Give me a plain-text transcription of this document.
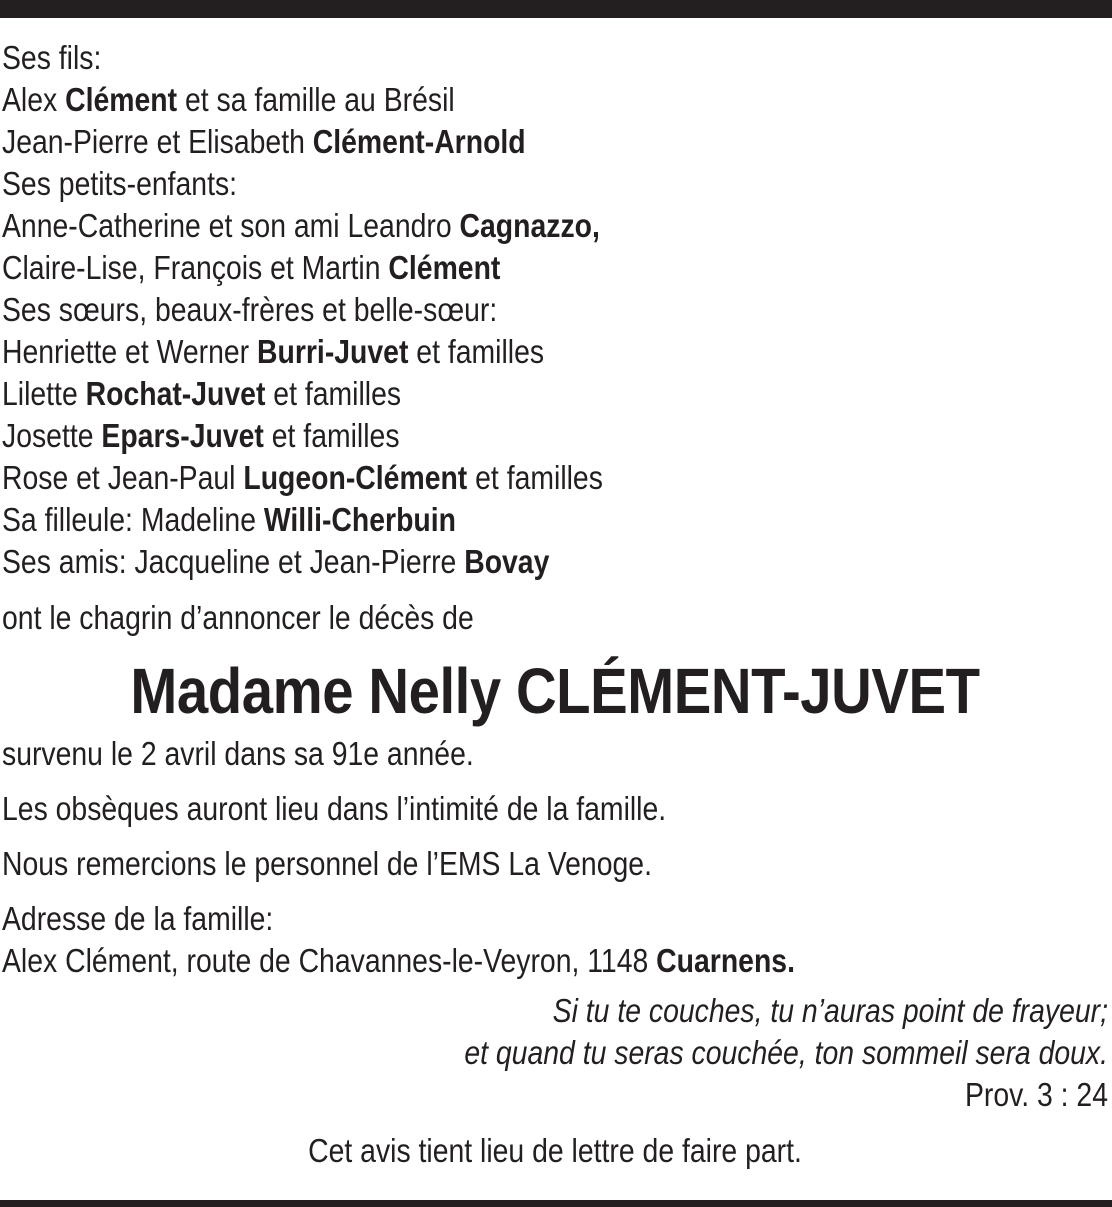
Ses fils:
Alex Clément et sa famille au Brésil
Jean-Pierre et Elisabeth Clément-Arnold
Ses petits-enfants:
Anne-Catherine et son ami Leandro Cagnazzo,
Claire-Lise, François et Martin Clément
Ses sœurs, beaux-frères et belle-sœur:
Henriette et Werner Burri-Juvet et familles
Lilette Rochat-Juvet et familles
Josette Epars-Juvet et familles
Rose et Jean-Paul Lugeon-Clément et familles
Sa filleule: Madeline Willi-Cherbuin
Ses amis: Jacqueline et Jean-Pierre Bovay
ont le chagrin d’annoncer le décès de
Madame Nelly CLÉMENT-JUVET
survenu le 2 avril dans sa 91e année.
Les obsèques auront lieu dans l’intimité de la famille.
Nous remercions le personnel de l’EMS La Venoge.
Adresse de la famille:
Alex Clément, route de Chavannes-le-Veyron, 1148 Cuarnens.
Si tu te couches, tu n’auras point de frayeur;
et quand tu seras couchée, ton sommeil sera doux.
Prov. 3 : 24
Cet avis tient lieu de lettre de faire part.
